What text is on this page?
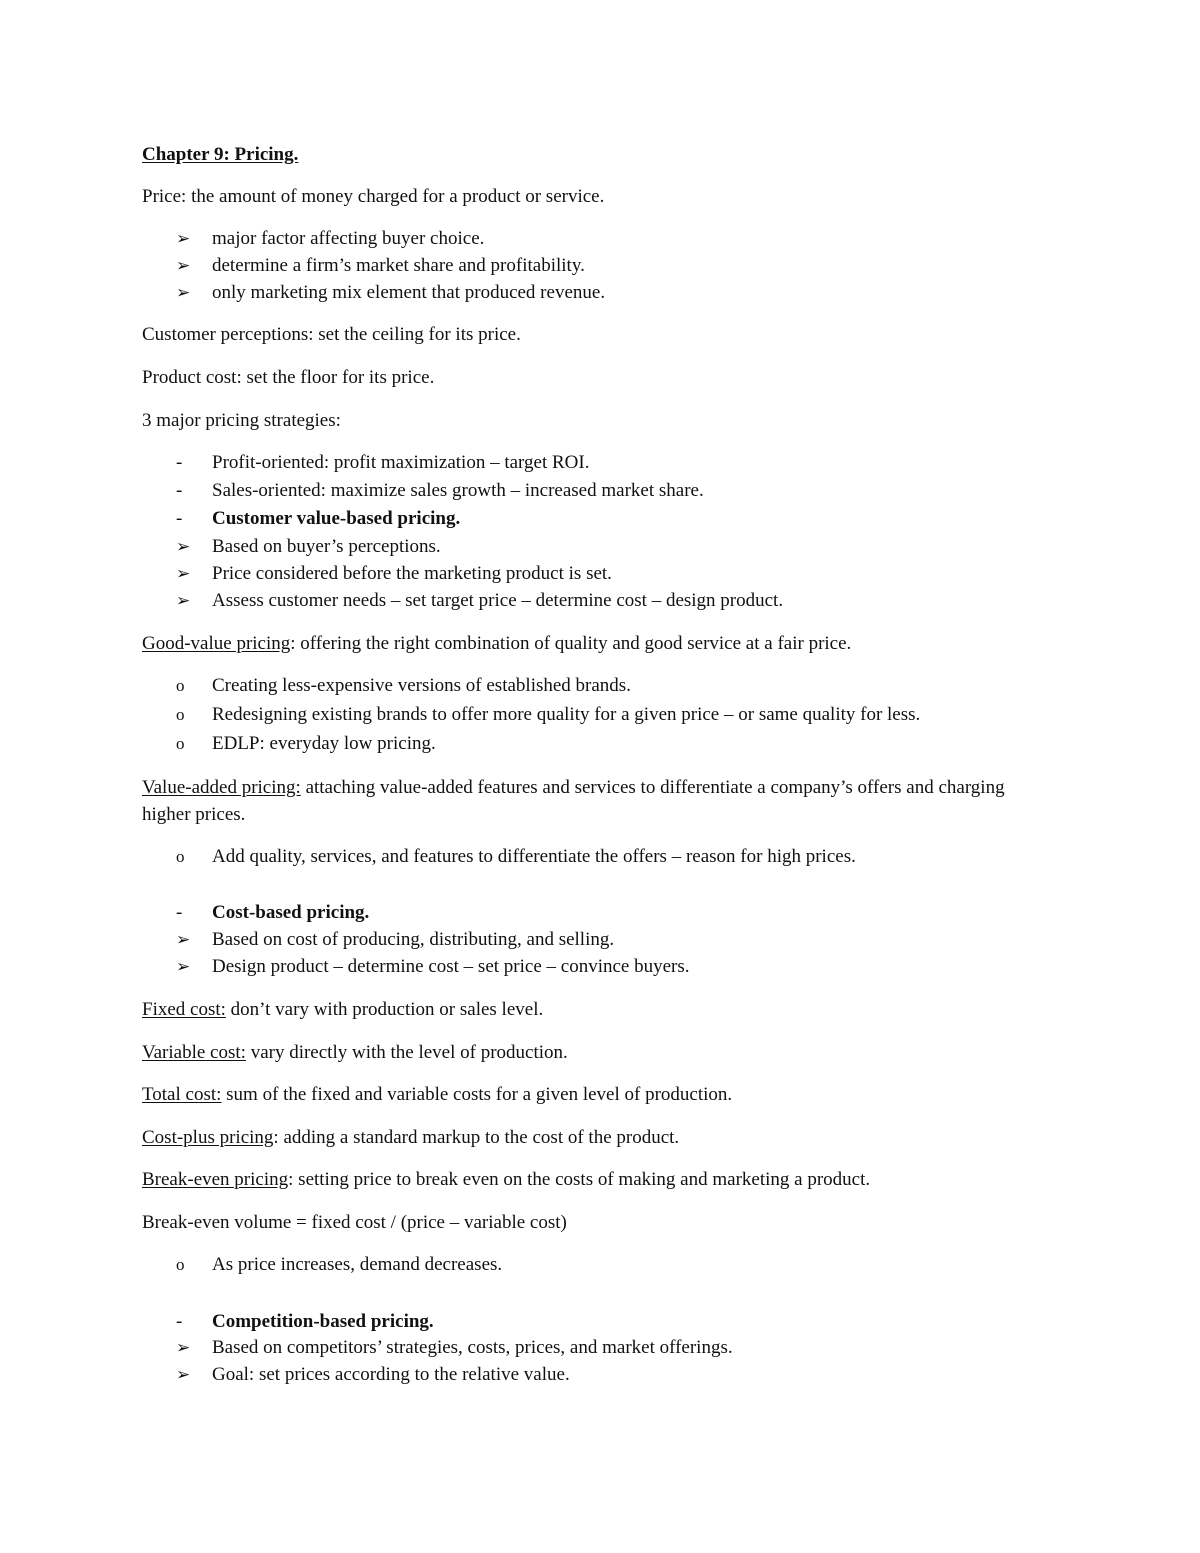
Chapter 9: Pricing.
Price: the amount of money charged for a product or service.
➢ major factor affecting buyer choice.
➢ determine a firm’s market share and profitability.
➢ only marketing mix element that produced revenue.
Customer perceptions: set the ceiling for its price.
Product cost: set the floor for its price.
3 major pricing strategies:
- Profit-oriented: profit maximization – target ROI.
- Sales-oriented: maximize sales growth – increased market share.
- Customer value-based pricing.
➢ Based on buyer’s perceptions.
➢ Price considered before the marketing product is set.
➢ Assess customer needs – set target price – determine cost – design product.
Good-value pricing: offering the right combination of quality and good service at a fair price.
o Creating less-expensive versions of established brands.
o Redesigning existing brands to offer more quality for a given price – or same quality for less.
o EDLP: everyday low pricing.
Value-added pricing: attaching value-added features and services to differentiate a company’s offers and charging higher prices.
o Add quality, services, and features to differentiate the offers – reason for high prices.
- Cost-based pricing.
➢ Based on cost of producing, distributing, and selling.
➢ Design product – determine cost – set price – convince buyers.
Fixed cost: don’t vary with production or sales level.
Variable cost: vary directly with the level of production.
Total cost: sum of the fixed and variable costs for a given level of production.
Cost-plus pricing: adding a standard markup to the cost of the product.
Break-even pricing: setting price to break even on the costs of making and marketing a product.
Break-even volume = fixed cost / (price – variable cost)
o As price increases, demand decreases.
- Competition-based pricing.
➢ Based on competitors’ strategies, costs, prices, and market offerings.
➢ Goal: set prices according to the relative value.
